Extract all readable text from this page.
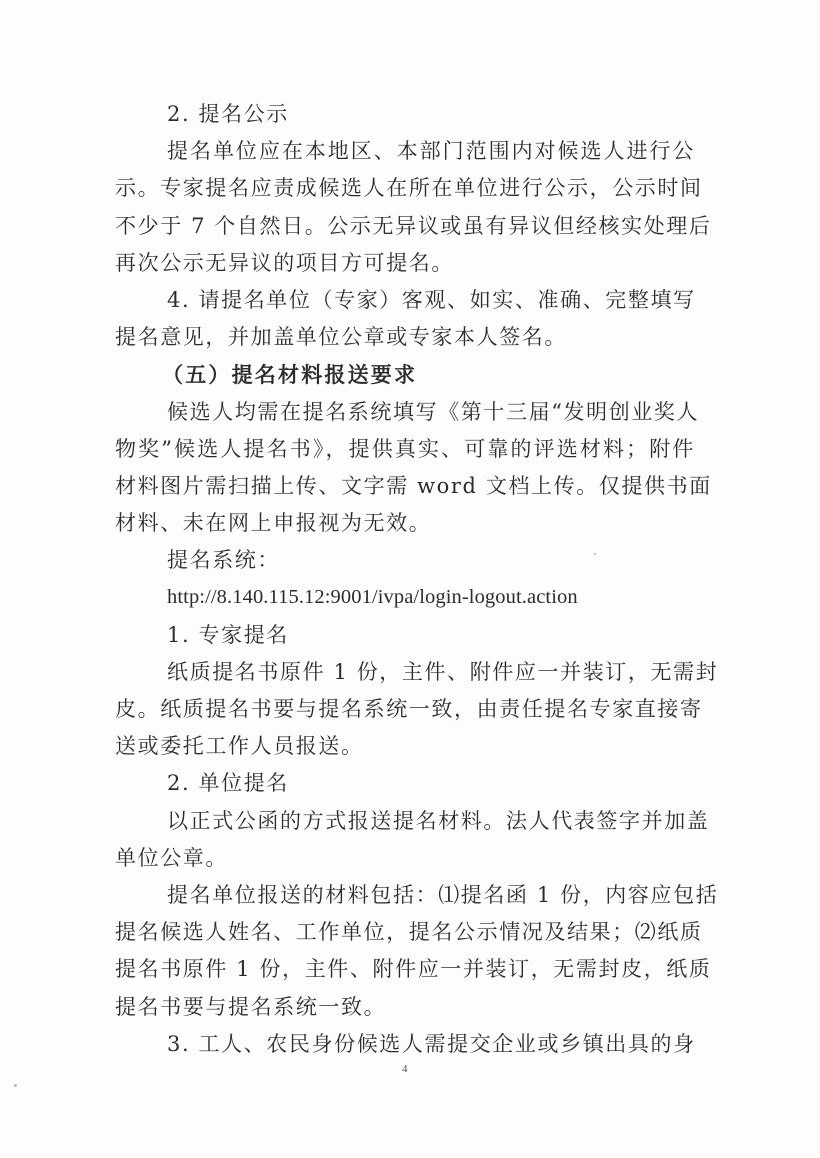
2. 提名公示
提名单位应在本地区、本部门范围内对候选人进行公
示。专家提名应责成候选人在所在单位进行公示，公示时间
不少于 7 个自然日。公示无异议或虽有异议但经核实处理后
再次公示无异议的项目方可提名。
4. 请提名单位（专家）客观、如实、准确、完整填写
提名意见，并加盖单位公章或专家本人签名。
（五）提名材料报送要求
候选人均需在提名系统填写《第十三届“发明创业奖人
物奖”候选人提名书》，提供真实、可靠的评选材料；附件
材料图片需扫描上传、文字需 word 文档上传。仅提供书面
材料、未在网上申报视为无效。
提名系统：
http://8.140.115.12:9001/ivpa/login-logout.action
1. 专家提名
纸质提名书原件 1 份，主件、附件应一并装订，无需封
皮。纸质提名书要与提名系统一致，由责任提名专家直接寄
送或委托工作人员报送。
2. 单位提名
以正式公函的方式报送提名材料。法人代表签字并加盖
单位公章。
提名单位报送的材料包括：⑴提名函 1 份，内容应包括
提名候选人姓名、工作单位，提名公示情况及结果；⑵纸质
提名书原件 1 份，主件、附件应一并装订，无需封皮，纸质
提名书要与提名系统一致。
3. 工人、农民身份候选人需提交企业或乡镇出具的身
4
